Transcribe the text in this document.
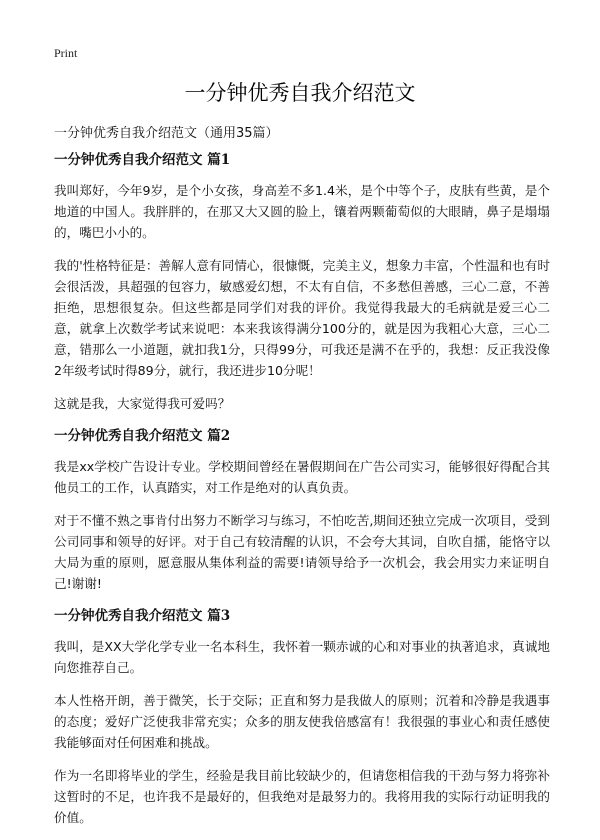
Print
一分钟优秀自我介绍范文

一分钟优秀自我介绍范文（通用35篇）

一分钟优秀自我介绍范文 篇1

我叫郑好，今年9岁，是个小女孩，身高差不多1.4米，是个中等个子，皮肤有些黄，是个地道的中国人。我胖胖的，在那又大又圆的脸上，镶着两颗葡萄似的大眼睛，鼻子是塌塌的，嘴巴小小的。

我的'性格特征是：善解人意有同情心，很慷慨，完美主义，想象力丰富，个性温和也有时会很活泼，具超强的包容力，敏感爱幻想，不太有自信，不多愁但善感，三心二意，不善拒绝，思想很复杂。但这些都是同学们对我的评价。我觉得我最大的毛病就是爱三心二意，就拿上次数学考试来说吧：本来我该得满分100分的，就是因为我粗心大意，三心二意，错那么一小道题，就扣我1分，只得99分，可我还是满不在乎的，我想：反正我没像2年级考试时得89分，就行，我还进步10分呢！

这就是我，大家觉得我可爱吗？

一分钟优秀自我介绍范文 篇2

我是xx学校广告设计专业。学校期间曾经在暑假期间在广告公司实习，能够很好得配合其他员工的工作，认真踏实，对工作是绝对的认真负责。

对于不懂不熟之事肯付出努力不断学习与练习，不怕吃苦,期间还独立完成一次项目，受到公司同事和领导的好评。对于自己有较清醒的认识，不会夸大其词，自吹自擂，能恪守以大局为重的原则，愿意服从集体利益的需要!请领导给予一次机会，我会用实力来证明自己!谢谢!

一分钟优秀自我介绍范文 篇3

我叫，是XX大学化学专业一名本科生，我怀着一颗赤诚的心和对事业的执著追求，真诚地向您推荐自己。

本人性格开朗，善于微笑，长于交际；正直和努力是我做人的原则；沉着和冷静是我遇事的态度；爱好广泛使我非常充实；众多的朋友使我倍感富有！我很强的事业心和责任感使我能够面对任何困难和挑战。

作为一名即将毕业的学生，经验是我目前比较缺少的，但请您相信我的干劲与努力将弥补这暂时的不足，也许我不是最好的，但我绝对是最努力的。我将用我的实际行动证明我的价值。
